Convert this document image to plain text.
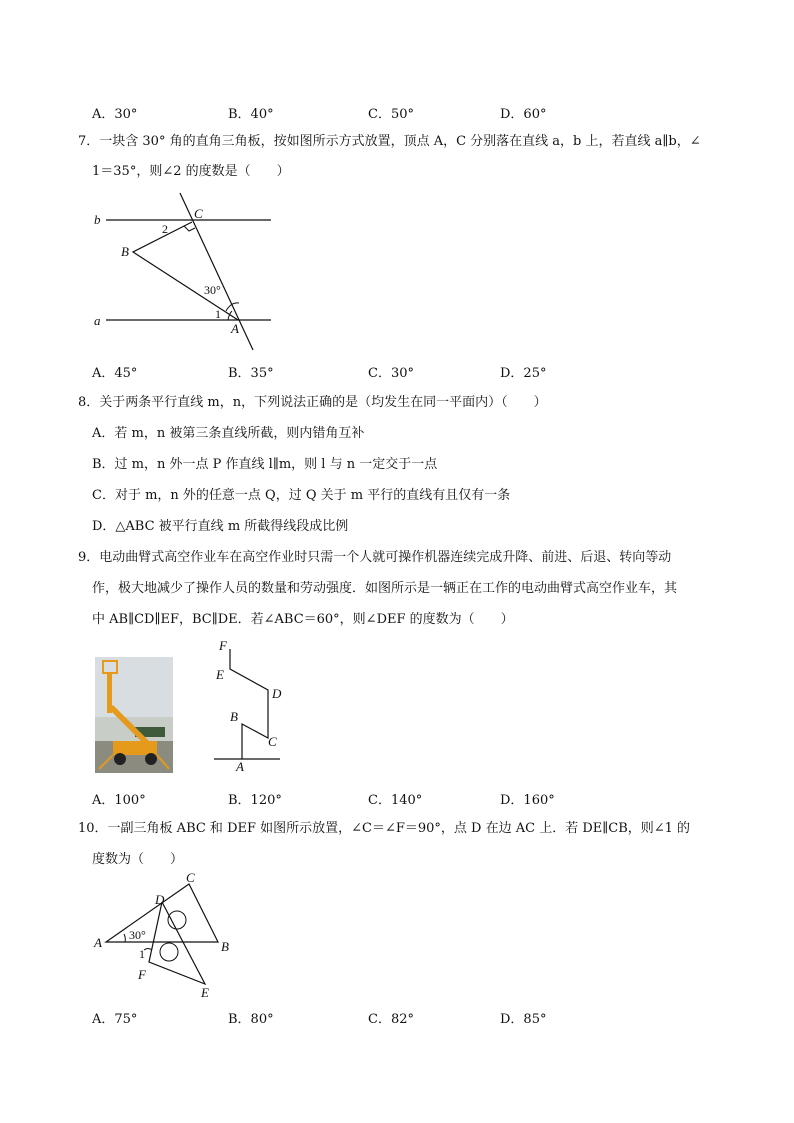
A．30°	B．40°	C．50°	D．60°
7．一块含 30° 角的直角三角板，按如图所示方式放置，顶点 A，C 分别落在直线 a，b 上，若直线 a∥b，∠
1＝35°，则∠2 的度数是（　　）
b
a
C
B
A
2
1
30°
A．45°	B．35°	C．30°	D．25°
8．关于两条平行直线 m，n，下列说法正确的是（均发生在同一平面内）（　　）
A．若 m，n 被第三条直线所截，则内错角互补
B．过 m，n 外一点 P 作直线 l∥m，则 l 与 n 一定交于一点
C．对于 m，n 外的任意一点 Q，过 Q 关于 m 平行的直线有且仅有一条
D．△ABC 被平行直线 m 所截得线段成比例
9．电动曲臂式高空作业车在高空作业时只需一个人就可操作机器连续完成升降、前进、后退、转向等动
作，极大地减少了操作人员的数量和劳动强度．如图所示是一辆正在工作的电动曲臂式高空作业车，其
中 AB∥CD∥EF，BC∥DE．若∠ABC＝60°，则∠DEF 的度数为（　　）
F
E
D
B
C
A
A．100°	B．120°	C．140°	D．160°
10．一副三角板 ABC 和 DEF 如图所示放置，∠C＝∠F＝90°，点 D 在边 AC 上．若 DE∥CB，则∠1 的
度数为（　　）
C
D
A	B
F
E
1
30°
A．75°	B．80°	C．82°	D．85°
